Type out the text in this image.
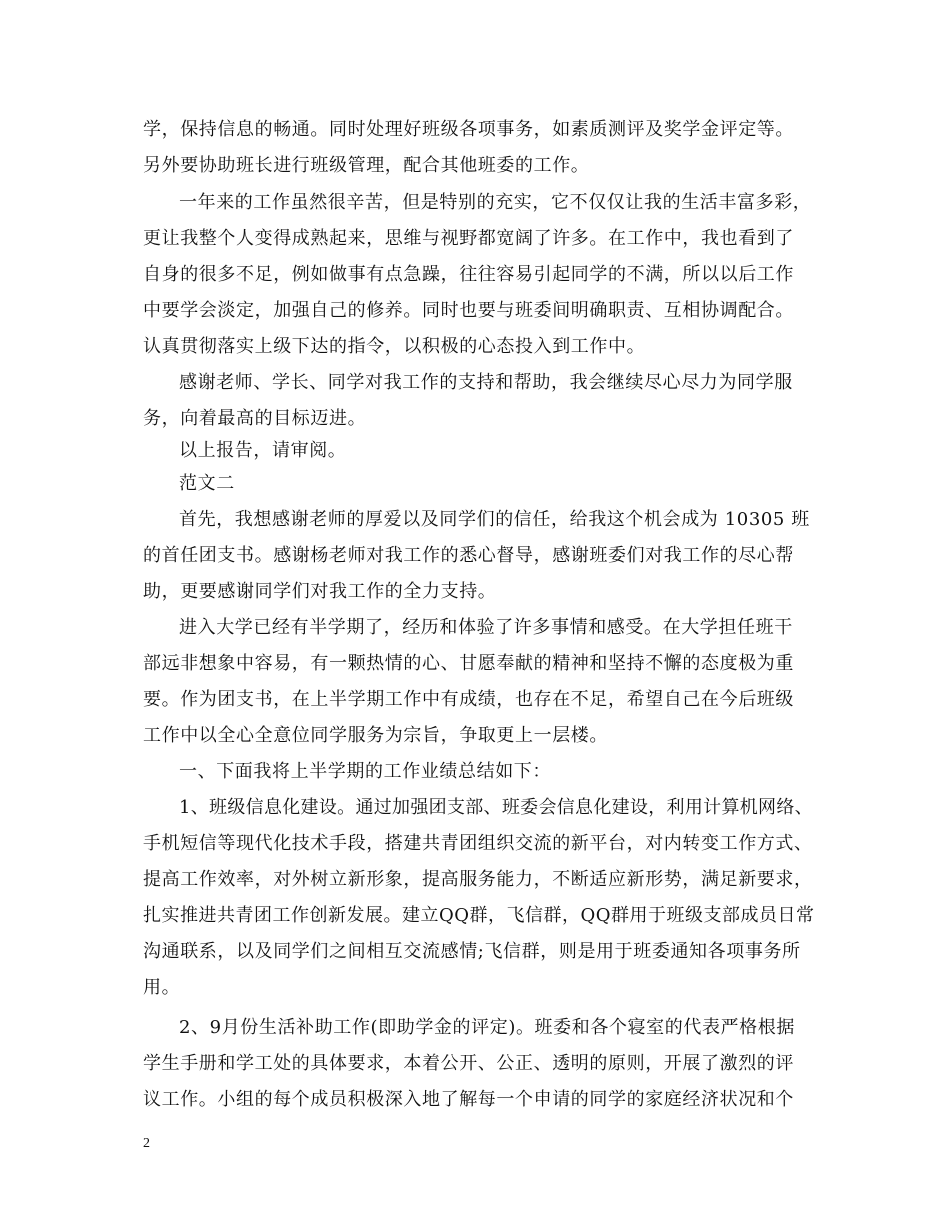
学，保持信息的畅通。同时处理好班级各项事务，如素质测评及奖学金评定等。
另外要协助班长进行班级管理，配合其他班委的工作。
一年来的工作虽然很辛苦，但是特别的充实，它不仅仅让我的生活丰富多彩，
更让我整个人变得成熟起来，思维与视野都宽阔了许多。在工作中，我也看到了
自身的很多不足，例如做事有点急躁，往往容易引起同学的不满，所以以后工作
中要学会淡定，加强自己的修养。同时也要与班委间明确职责、互相协调配合。
认真贯彻落实上级下达的指令，以积极的心态投入到工作中。
感谢老师、学长、同学对我工作的支持和帮助，我会继续尽心尽力为同学服
务，向着最高的目标迈进。
以上报告，请审阅。
范文二
首先，我想感谢老师的厚爱以及同学们的信任，给我这个机会成为 10305 班
的首任团支书。感谢杨老师对我工作的悉心督导，感谢班委们对我工作的尽心帮
助，更要感谢同学们对我工作的全力支持。
进入大学已经有半学期了，经历和体验了许多事情和感受。在大学担任班干
部远非想象中容易，有一颗热情的心、甘愿奉献的精神和坚持不懈的态度极为重
要。作为团支书，在上半学期工作中有成绩，也存在不足，希望自己在今后班级
工作中以全心全意位同学服务为宗旨，争取更上一层楼。
一、下面我将上半学期的工作业绩总结如下：
1、班级信息化建设。通过加强团支部、班委会信息化建设，利用计算机网络、
手机短信等现代化技术手段，搭建共青团组织交流的新平台，对内转变工作方式、
提高工作效率，对外树立新形象，提高服务能力，不断适应新形势，满足新要求，
扎实推进共青团工作创新发展。建立QQ群，飞信群，QQ群用于班级支部成员日常
沟通联系，以及同学们之间相互交流感情;飞信群，则是用于班委通知各项事务所
用。
2、9月份生活补助工作(即助学金的评定)。班委和各个寝室的代表严格根据
学生手册和学工处的具体要求，本着公开、公正、透明的原则，开展了激烈的评
议工作。小组的每个成员积极深入地了解每一个申请的同学的家庭经济状况和个
2
